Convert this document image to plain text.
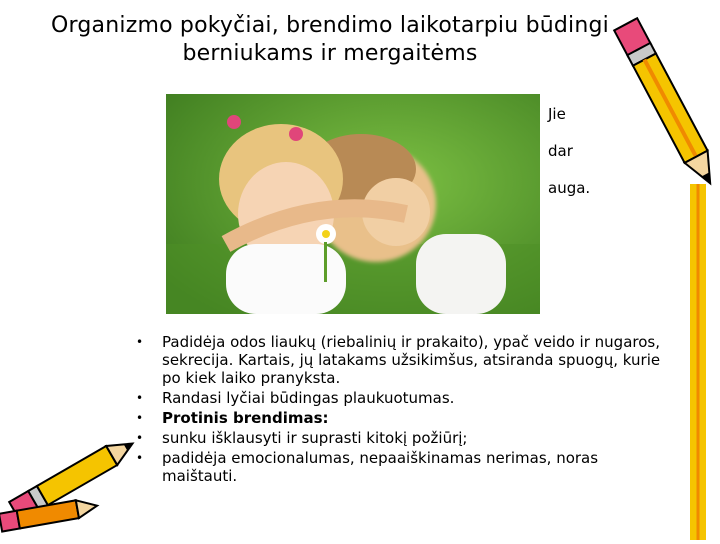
Organizmo pokyčiai, brendimo laikotarpiu būdingi
berniukams ir mergaitėms
Jie
dar
auga.
• Padidėja odos liaukų (riebalinių ir prakaito), ypač veido ir nugaros, sekrecija. Kartais, jų latakams užsikimšus, atsiranda spuogų, kurie po kiek laiko pranyksta.
• Randasi lyčiai būdingas plaukuotumas.
• Protinis brendimas:
• sunku išklausyti ir suprasti kitokį požiūrį;
• padidėja emocionalumas, nepaaiškinamas nerimas, noras maištauti.
